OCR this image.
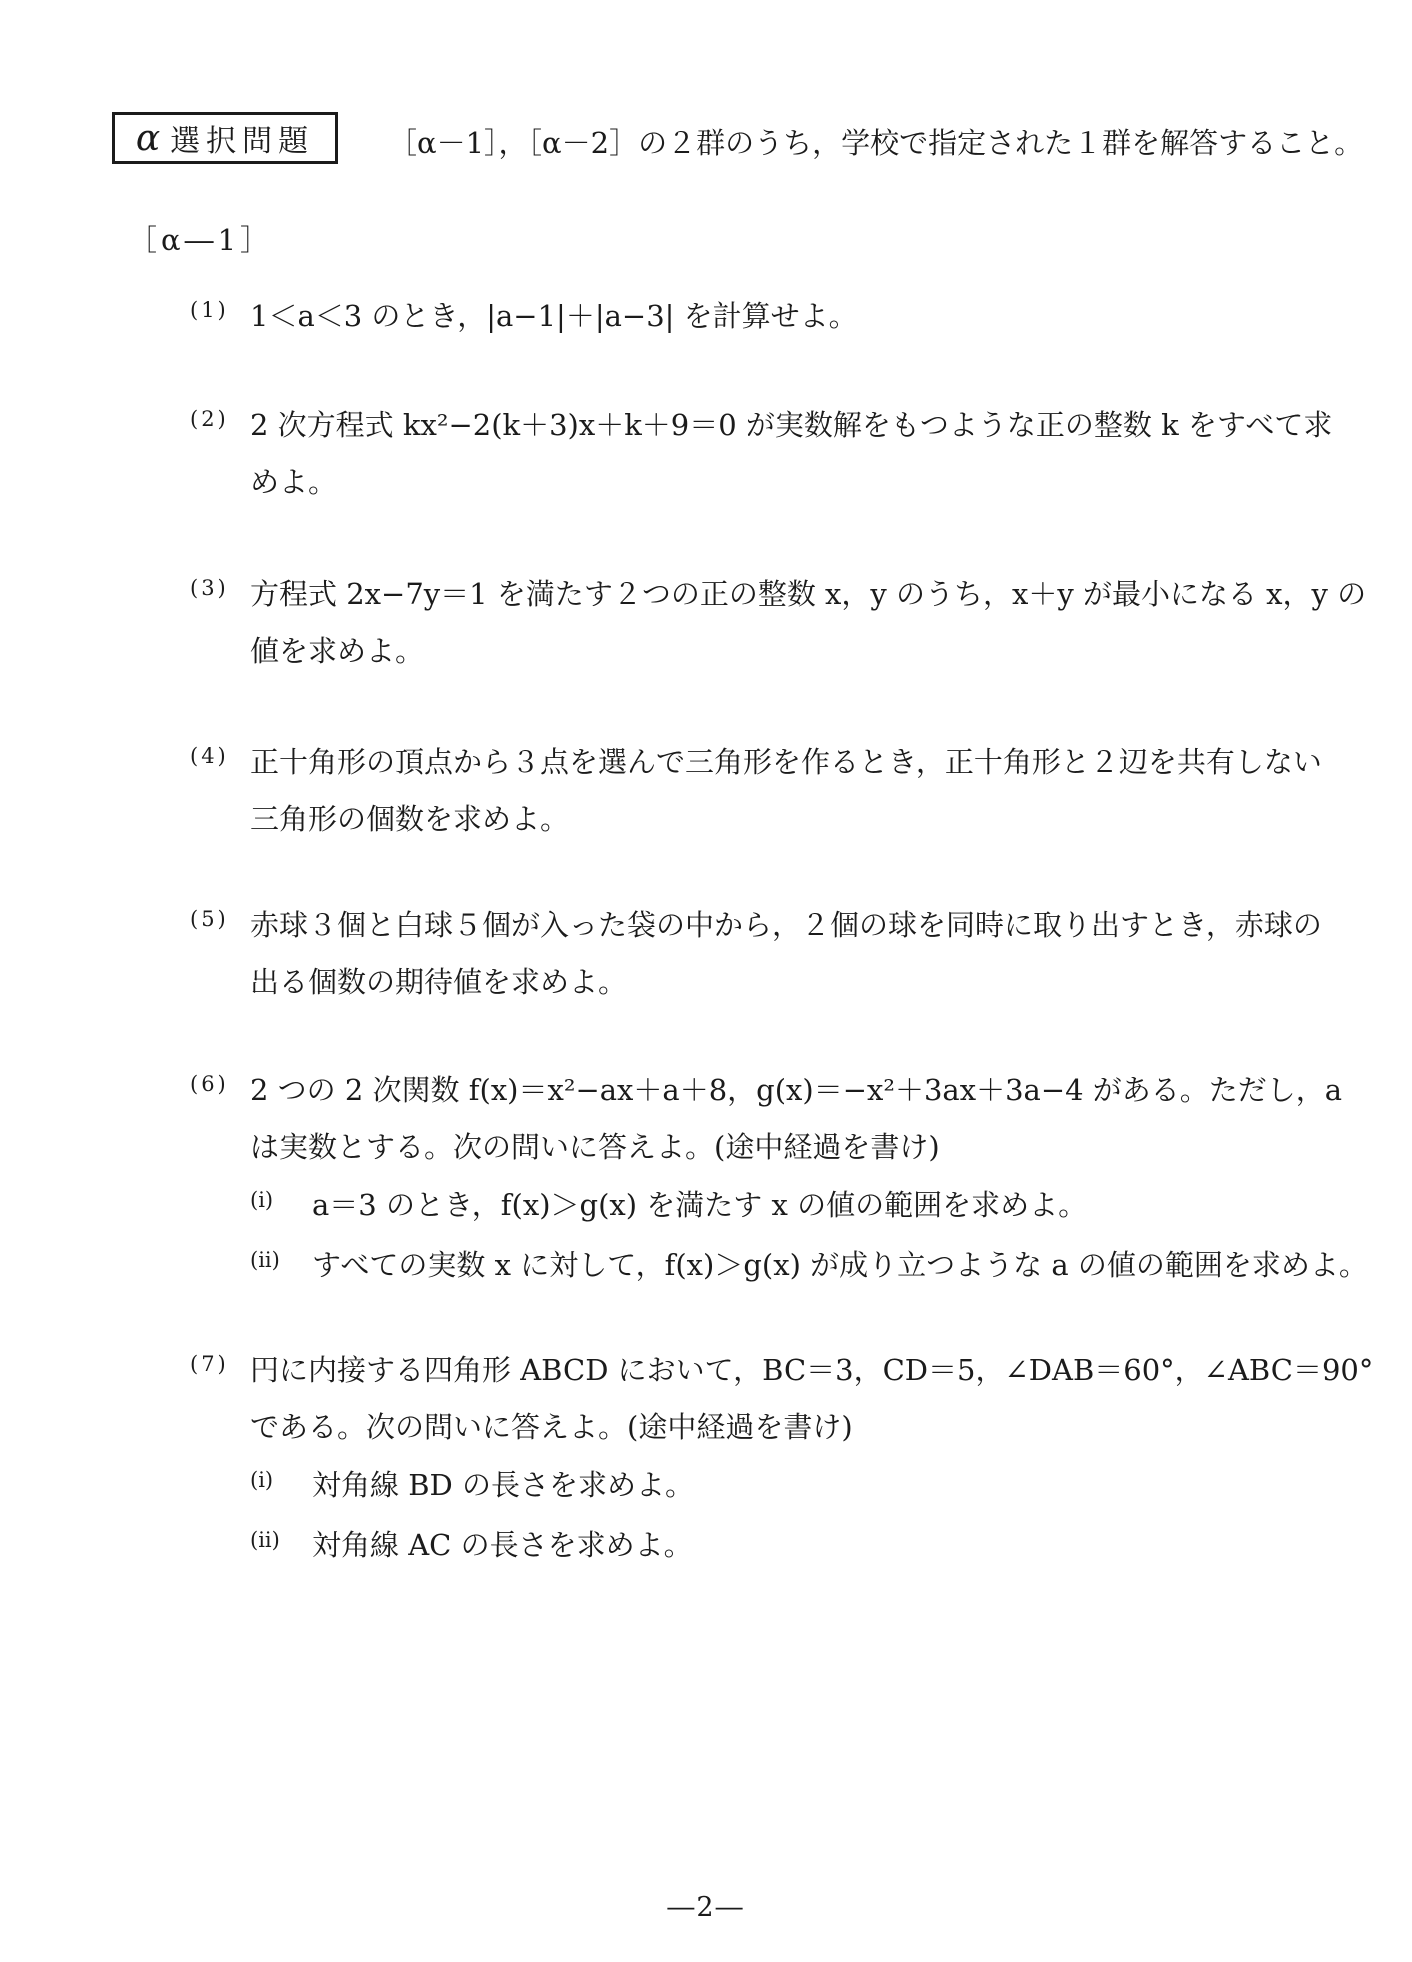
α 選択問題	［α－1］，［α－2］の２群のうち，学校で指定された１群を解答すること。
［α―1］
(1) 1＜a＜3 のとき，|a−1|＋|a−3| を計算せよ。
(2) 2 次方程式 kx²−2(k＋3)x＋k＋9＝0 が実数解をもつような正の整数 k をすべて求
めよ。
(3) 方程式 2x−7y＝1 を満たす２つの正の整数 x，y のうち，x＋y が最小になる x，y の
値を求めよ。
(4) 正十角形の頂点から３点を選んで三角形を作るとき，正十角形と２辺を共有しない
三角形の個数を求めよ。
(5) 赤球３個と白球５個が入った袋の中から，２個の球を同時に取り出すとき，赤球の
出る個数の期待値を求めよ。
(6) 2 つの 2 次関数 f(x)＝x²−ax＋a＋8，g(x)＝−x²＋3ax＋3a−4 がある。ただし，a
は実数とする。次の問いに答えよ。(途中経過を書け)
(i) a＝3 のとき，f(x)＞g(x) を満たす x の値の範囲を求めよ。
(ii) すべての実数 x に対して，f(x)＞g(x) が成り立つような a の値の範囲を求めよ。
(7) 円に内接する四角形 ABCD において，BC＝3，CD＝5，∠DAB＝60°，∠ABC＝90°
である。次の問いに答えよ。(途中経過を書け)
(i) 対角線 BD の長さを求めよ。
(ii) 対角線 AC の長さを求めよ。
―2―
